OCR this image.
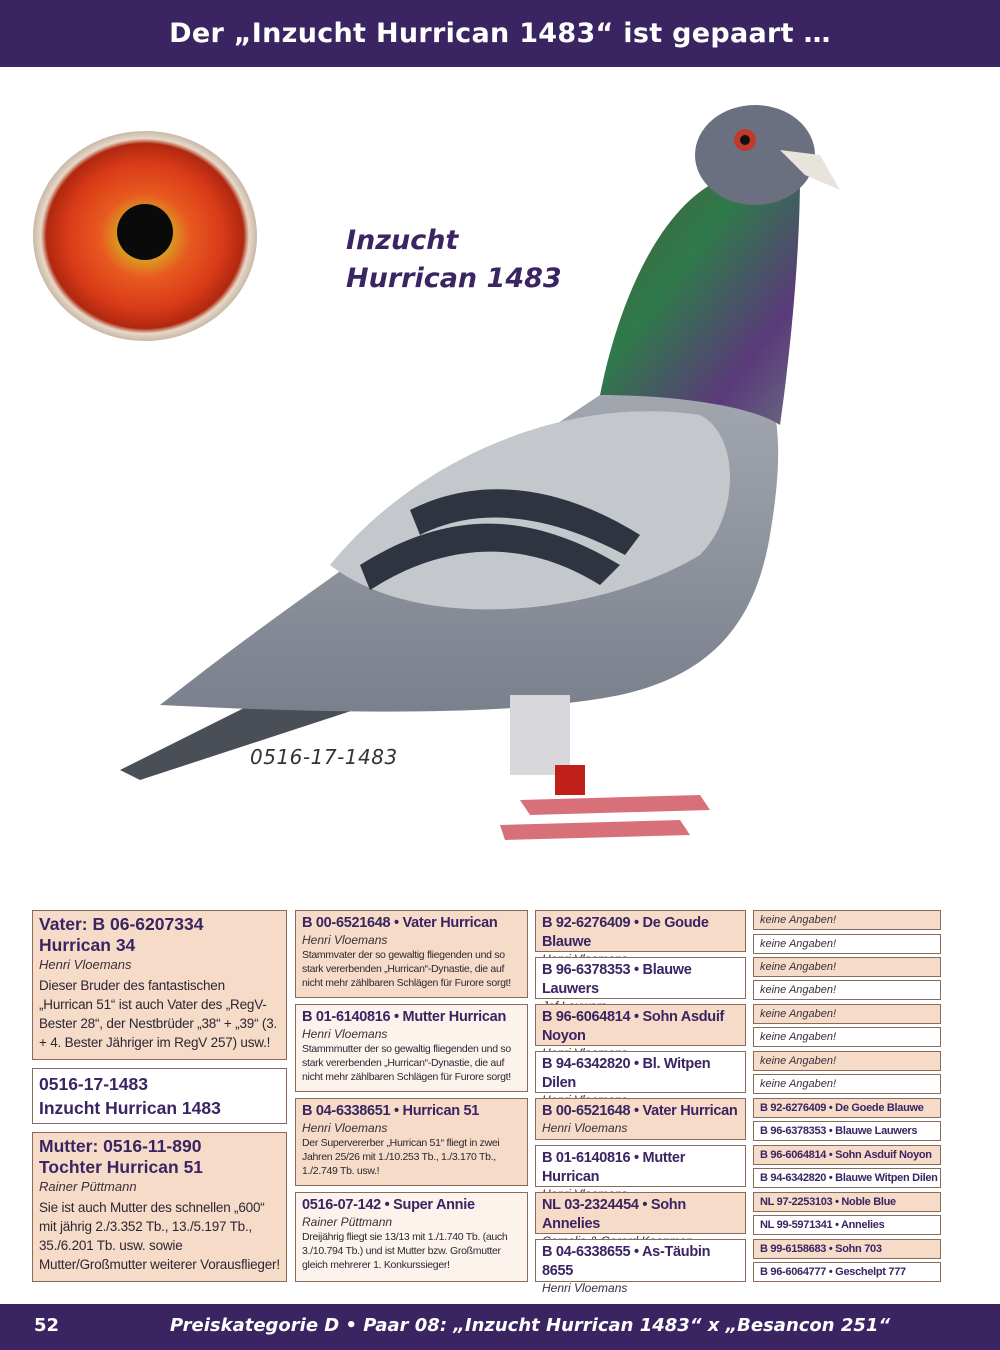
Der „Inzucht Hurrican 1483“ ist gepaart …
Inzucht
Hurrican 1483
0516-17-1483
Vater: B 06-6207334
Hurrican 34
Henri Vloemans
Dieser Bruder des fantastischen „Hurrican 51“ ist auch Vater des „RegV-Bester 28“, der Nestbrüder „38“ + „39“ (3. + 4. Bester Jähriger im RegV 257) usw.!
0516-17-1483
Inzucht Hurrican 1483
Mutter: 0516-11-890
Tochter Hurrican 51
Rainer Püttmann
Sie ist auch Mutter des schnellen „600“ mit jährig 2./3.352 Tb., 13./5.197 Tb., 35./6.201 Tb. usw. sowie Mutter/Großmutter weiterer Vorausflieger!
B 00-6521648 • Vater Hurrican
Henri Vloemans
Stammvater der so gewaltig fliegenden und so stark vererbenden „Hurrican“-Dynastie, die auf nicht mehr zählbaren Schlägen für Furore sorgt!
B 01-6140816 • Mutter Hurrican
Henri Vloemans
Stammmutter der so gewaltig fliegenden und so stark vererbenden „Hurrican“-Dynastie, die auf nicht mehr zählbaren Schlägen für Furore sorgt!
B 04-6338651 • Hurrican 51
Henri Vloemans
Der Supervererber „Hurrican 51“ fliegt in zwei Jahren 25/26 mit 1./10.253 Tb., 1./3.170 Tb., 1./2.749 Tb. usw.!
0516-07-142 • Super Annie
Rainer Püttmann
Dreijährig fliegt sie 13/13 mit 1./1.740 Tb. (auch 3./10.794 Tb.) und ist Mutter bzw. Großmutter gleich mehrerer 1. Konkurssieger!
B 92-6276409 • De Goude Blauwe
B 96-6378353 • Blauwe Lauwers
B 96-6064814 • Sohn Asduif Noyon
B 94-6342820 • Bl. Witpen Dilen
B 00-6521648 • Vater Hurrican
Henri Vloemans
B 01-6140816 • Mutter Hurrican
NL 03-2324454 • Sohn Annelies
B 04-6338655 • As-Täubin 8655
Henri Vloemans
keine Angaben!
keine Angaben!
keine Angaben!
keine Angaben!
keine Angaben!
keine Angaben!
keine Angaben!
keine Angaben!
B 92-6276409 • De Goede Blauwe
B 96-6378353 • Blauwe Lauwers
B 96-6064814 • Sohn Asduif Noyon
B 94-6342820 • Blauwe Witpen Dilen
NL 97-2253103 • Noble Blue
NL 99-5971341 • Annelies
B 99-6158683 • Sohn 703
B 96-6064777 • Geschelpt 777
52	Preiskategorie D • Paar 08: „Inzucht Hurrican 1483“ x „Besancon 251“
